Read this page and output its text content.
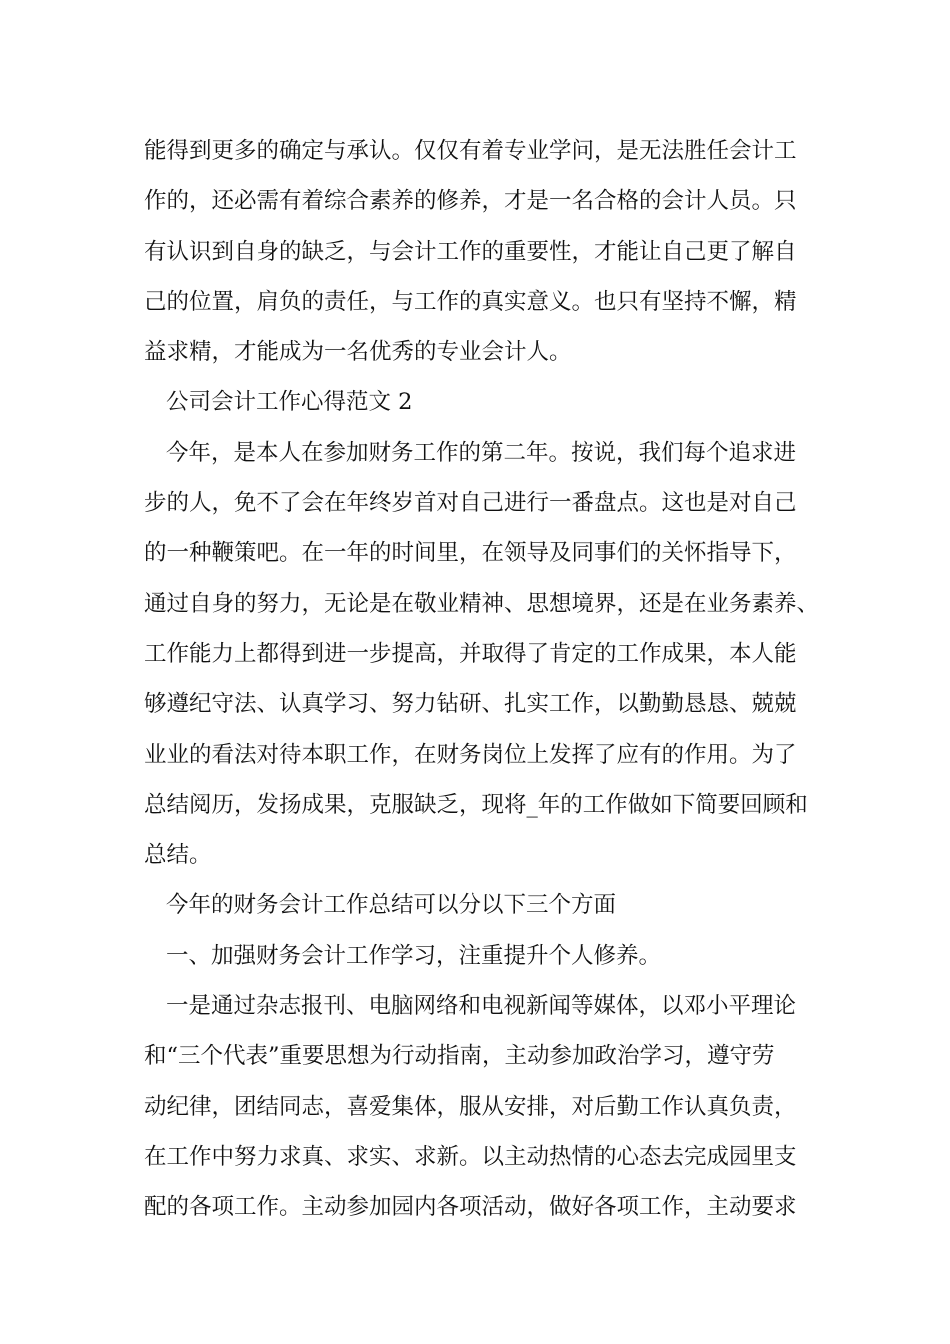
能得到更多的确定与承认。仅仅有着专业学问，是无法胜任会计工
作的，还必需有着综合素养的修养，才是一名合格的会计人员。只
有认识到自身的缺乏，与会计工作的重要性，才能让自己更了解自
己的位置，肩负的责任，与工作的真实意义。也只有坚持不懈，精
益求精，才能成为一名优秀的专业会计人。
公司会计工作心得范文 2
今年，是本人在参加财务工作的第二年。按说，我们每个追求进
步的人，免不了会在年终岁首对自己进行一番盘点。这也是对自己
的一种鞭策吧。在一年的时间里，在领导及同事们的关怀指导下，
通过自身的努力，无论是在敬业精神、思想境界，还是在业务素养、
工作能力上都得到进一步提高，并取得了肯定的工作成果，本人能
够遵纪守法、认真学习、努力钻研、扎实工作，以勤勤恳恳、兢兢
业业的看法对待本职工作，在财务岗位上发挥了应有的作用。为了
总结阅历，发扬成果，克服缺乏，现将_年的工作做如下简要回顾和
总结。
今年的财务会计工作总结可以分以下三个方面
一、加强财务会计工作学习，注重提升个人修养。
一是通过杂志报刊、电脑网络和电视新闻等媒体，以邓小平理论
和“三个代表”重要思想为行动指南，主动参加政治学习，遵守劳
动纪律，团结同志，喜爱集体，服从安排，对后勤工作认真负责，
在工作中努力求真、求实、求新。以主动热情的心态去完成园里支
配的各项工作。主动参加园内各项活动，做好各项工作，主动要求
